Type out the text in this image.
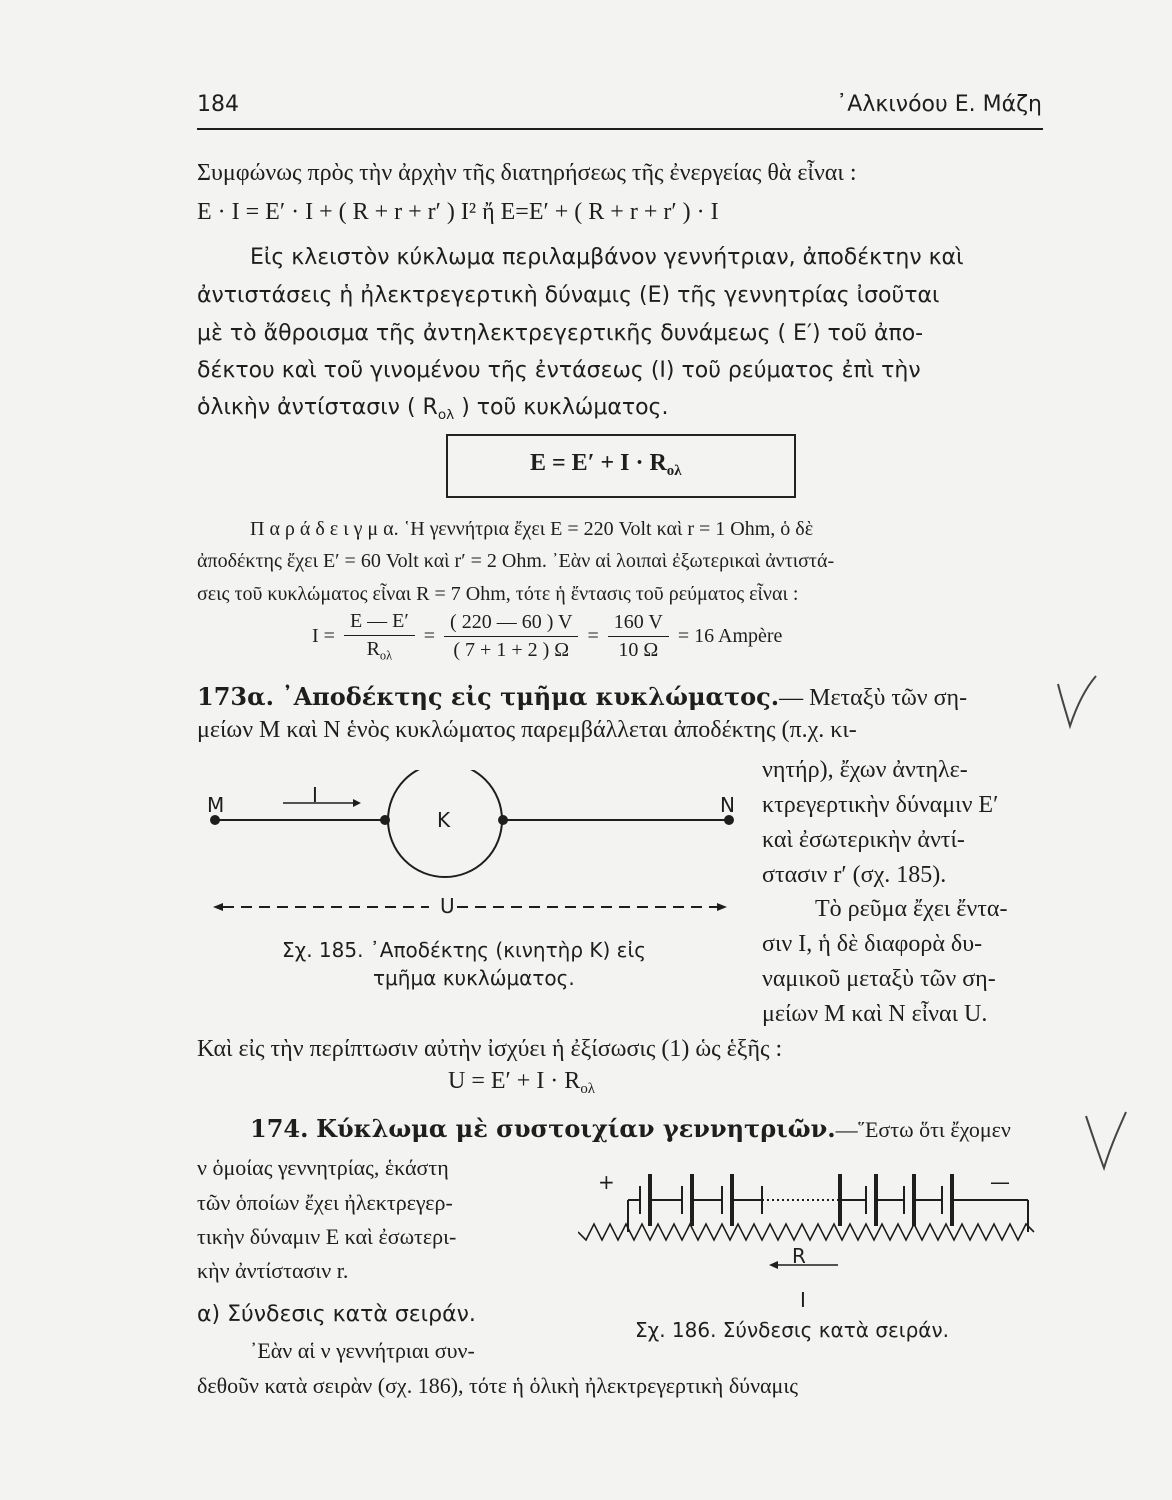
184	᾿Αλκινόου Ε. Μάζη
Συμφώνως πρὸς τὴν ἀρχὴν τῆς διατηρήσεως τῆς ἐνεργείας θὰ εἶναι :
E · I = E′ · I + ( R + r + r′ ) I² ἤ E=E′ + ( R + r + r′ ) · I
Εἰς κλειστὸν κύκλωμα περιλαμβάνον γεννήτριαν, ἀποδέκτην καὶ
ἀντιστάσεις ἡ ἠλεκτρεγερτικὴ δύναμις (Ε) τῆς γεννητρίας ἰσοῦται
μὲ τὸ ἄθροισμα τῆς ἀντηλεκτρεγερτικῆς δυνάμεως ( Ε′) τοῦ ἀπο-
δέκτου καὶ τοῦ γινομένου τῆς ἐντάσεως (Ι) τοῦ ρεύματος ἐπὶ τὴν
ὁλικὴν ἀντίστασιν ( $R_{o\lambda}$ ) τοῦ κυκλώματος.
$E = E' + I \cdot R_{o\lambda}$
Π α ρ ά δ ε ι γ μ α. ῾Η γεννήτρια ἔχει Ε = 220 Volt καὶ r = 1 Ohm, ὁ δὲ
ἀποδέκτης ἔχει Ε′ = 60 Volt καὶ r′ = 2 Ohm. ᾿Εὰν αἱ λοιπαὶ ἐξωτερικαὶ ἀντιστά-
σεις τοῦ κυκλώματος εἶναι R = 7 Ohm, τότε ἡ ἔντασις τοῦ ρεύματος εἶναι :
$I = \frac{E — E'}{R_{o\lambda}} = \frac{( 220 — 60 ) V}{( 7 + 1 + 2 ) \Omega} = \frac{160 V}{10 \Omega} = 16$ Ampère
173α. ᾿Αποδέκτης εἰς τμῆμα κυκλώματος.— Μεταξὺ τῶν ση-
μείων Μ καὶ Ν ἑνὸς κυκλώματος παρεμβάλλεται ἀποδέκτης (π.χ. κι-
νητήρ), ἔχων ἀντηλε-
κτρεγερτικὴν δύναμιν Ε′
καὶ ἐσωτερικὴν ἀντί-
στασιν r′ (σχ. 185).
Τὸ ρεῦμα ἔχει ἔντα-
σιν Ι, ἡ δὲ διαφορὰ δυ-
ναμικοῦ μεταξὺ τῶν ση-
μείων Μ καὶ Ν εἶναι U.
M	I
K
N
U
Σχ. 185. ᾿Αποδέκτης (κινητὴρ Κ) εἰς
τμῆμα κυκλώματος.
Καὶ εἰς τὴν περίπτωσιν αὐτὴν ἰσχύει ἡ ἐξίσωσις (1) ὡς ἑξῆς :
$U = E' + I \cdot R_{o\lambda}$
174. Κύκλωμα μὲ συστοιχίαν γεννητριῶν.—῞Εστω ὅτι ἔχομεν
ν ὁμοίας γεννητρίας, ἑκάστη
τῶν ὁποίων ἔχει ἠλεκτρεγερ-
τικὴν δύναμιν Ε καὶ ἐσωτερι-
κὴν ἀντίστασιν r.
α) Σύνδεσις κατὰ σειράν.
᾿Εὰν αἱ ν γεννήτριαι συν-
δεθοῦν κατὰ σειρὰν (σχ. 186), τότε ἡ ὁλικὴ ἠλεκτρεγερτικὴ δύναμις
+	—
R
I
Σχ. 186. Σύνδεσις κατὰ σειράν.
